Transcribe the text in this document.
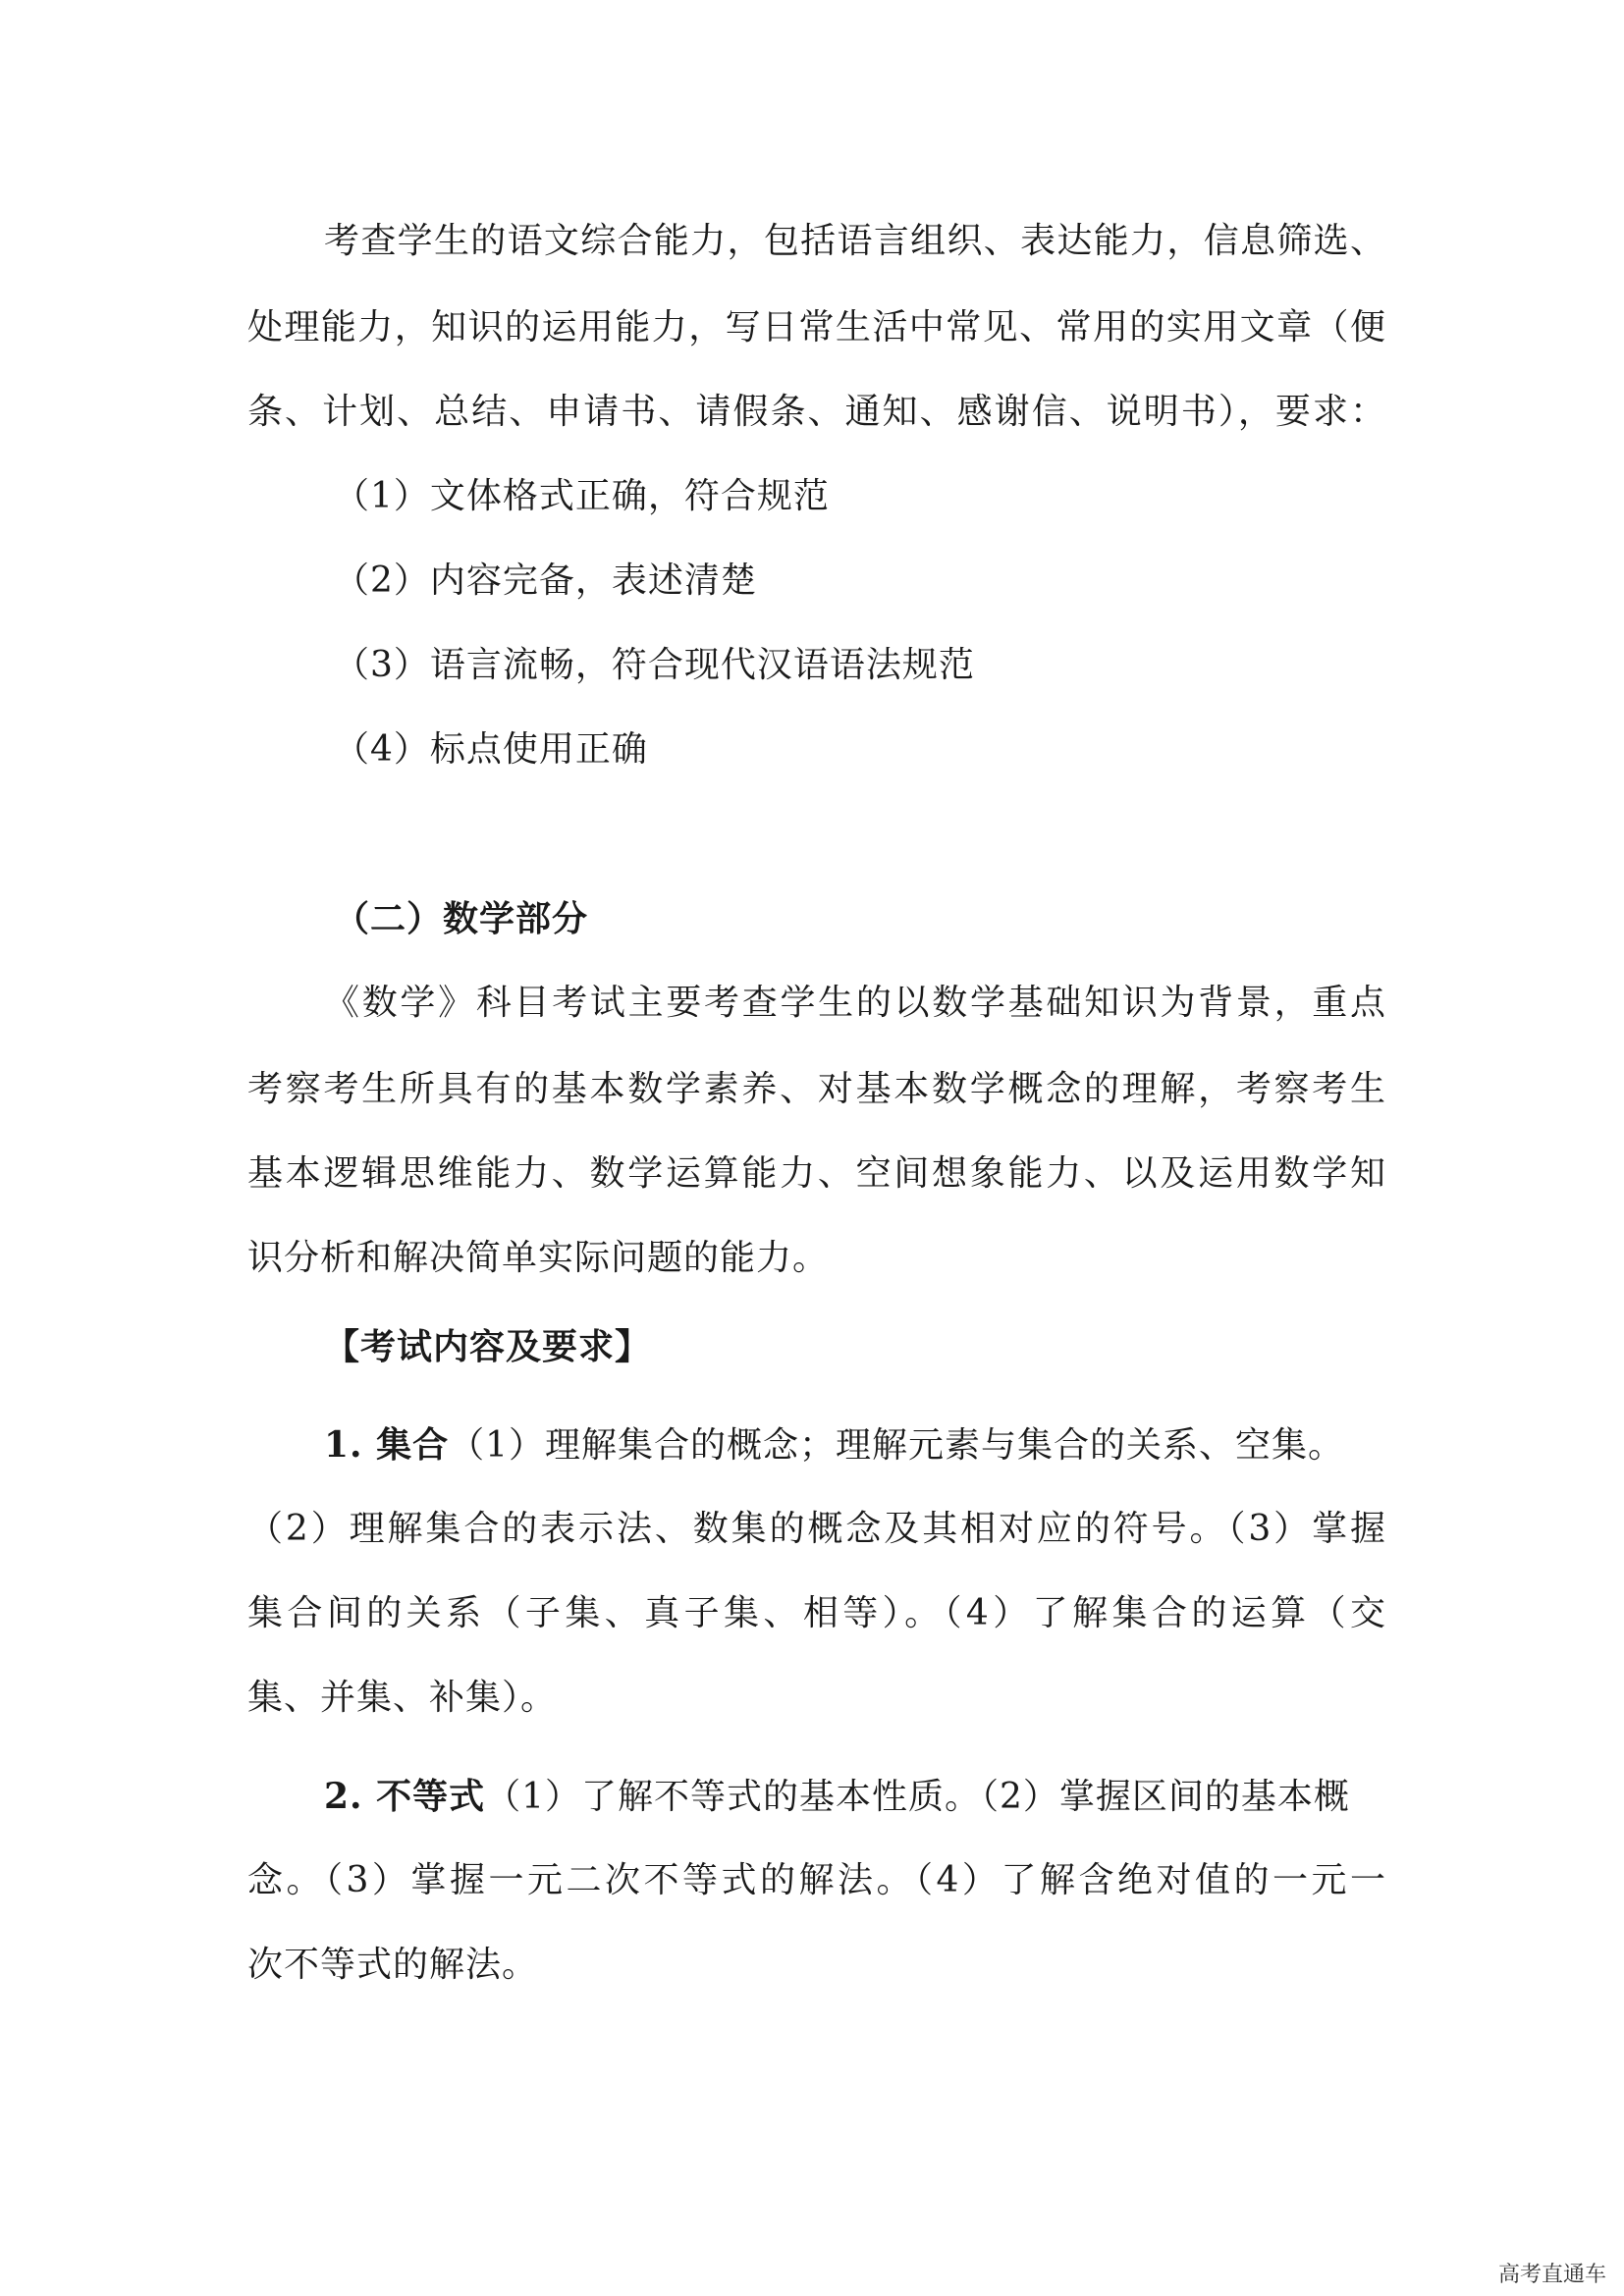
考查学生的语文综合能力，包括语言组织、表达能力，信息筛选、
处理能力，知识的运用能力，写日常生活中常见、常用的实用文章（便
条、计划、总结、申请书、请假条、通知、感谢信、说明书），要求：
（1）文体格式正确，符合规范
（2）内容完备，表述清楚
（3）语言流畅，符合现代汉语语法规范
（4）标点使用正确
（二）数学部分
《数学》科目考试主要考查学生的以数学基础知识为背景，重点
考察考生所具有的基本数学素养、对基本数学概念的理解，考察考生
基本逻辑思维能力、数学运算能力、空间想象能力、以及运用数学知
识分析和解决简单实际问题的能力。
【考试内容及要求】
1. 集合（1）理解集合的概念；理解元素与集合的关系、空集。
（2）理解集合的表示法、数集的概念及其相对应的符号。（3）掌握
集合间的关系（子集、真子集、相等）。（4）了解集合的运算（交
集、并集、补集）。
2. 不等式（1）了解不等式的基本性质。（2）掌握区间的基本概
念。（3）掌握一元二次不等式的解法。（4）了解含绝对值的一元一
次不等式的解法。
高考直通车
